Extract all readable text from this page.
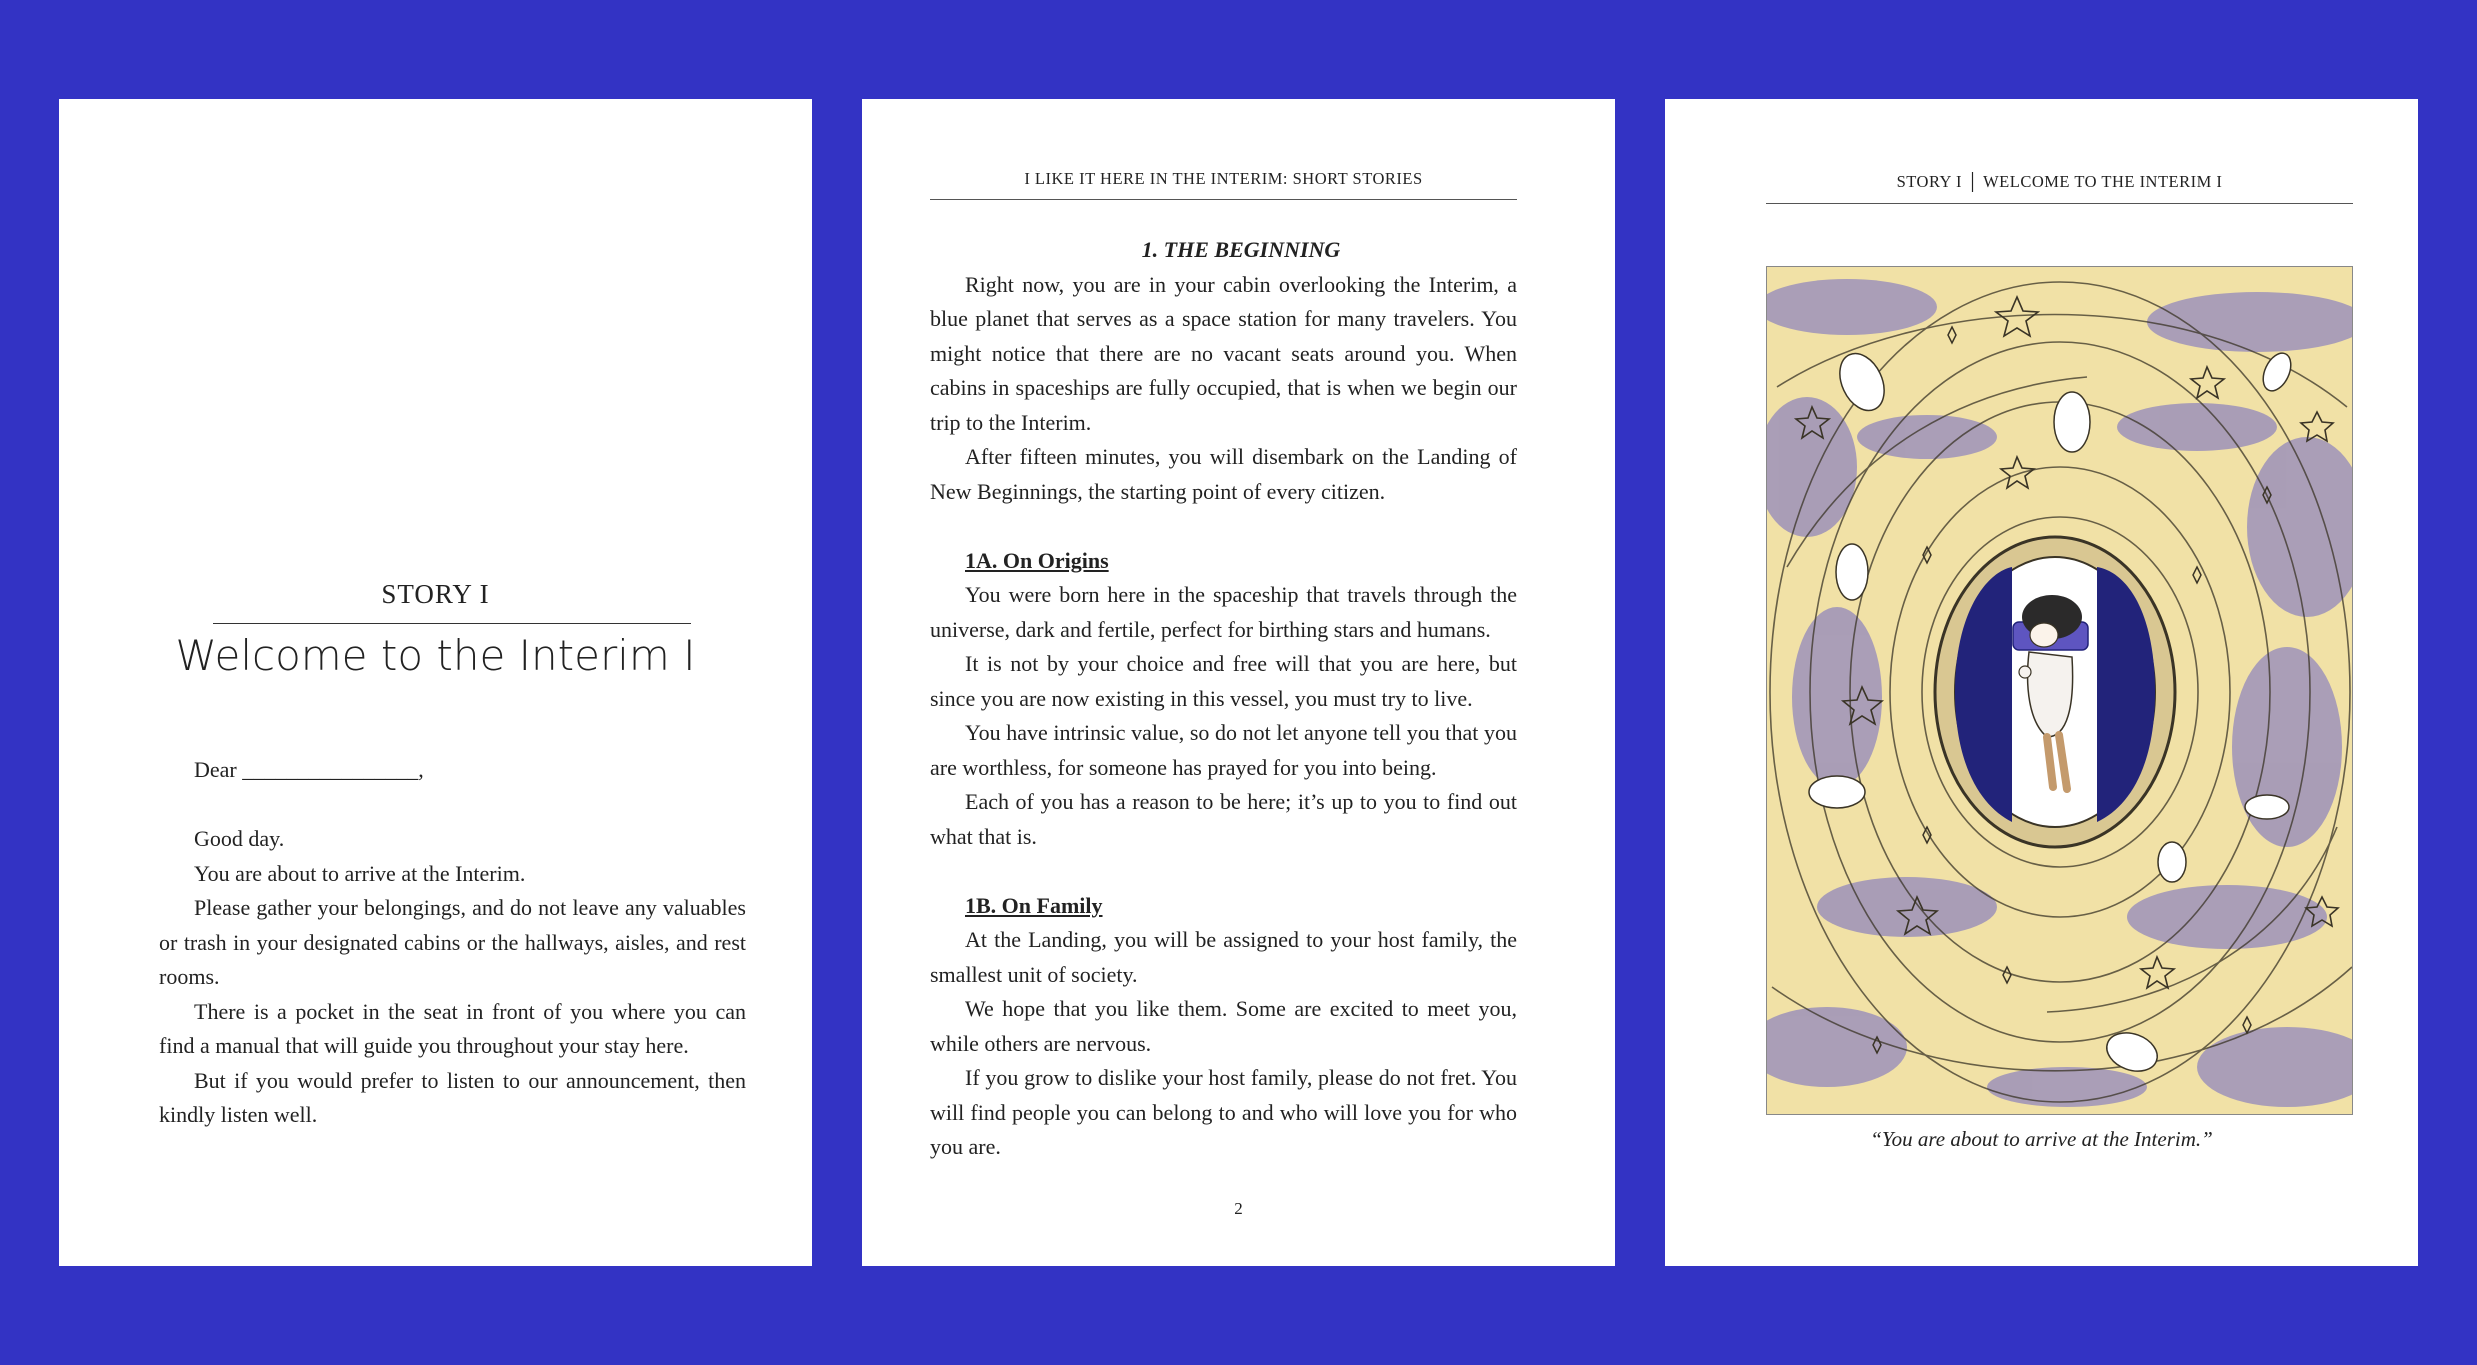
STORY I
Welcome to the Interim I

Dear ________________,

Good day.

You are about to arrive at the Interim.

Please gather your belongings, and do not leave any valuables or trash in your designated cabins or the hallways, aisles, and rest rooms.

There is a pocket in the seat in front of you where you can find a manual that will guide you throughout your stay here.

But if you would prefer to listen to our announcement, then kindly listen well.

I LIKE IT HERE IN THE INTERIM: SHORT STORIES

1. THE BEGINNING

Right now, you are in your cabin overlooking the Interim, a blue planet that serves as a space station for many travelers. You might notice that there are no vacant seats around you. When cabins in spaceships are fully occupied, that is when we begin our trip to the Interim.

After fifteen minutes, you will disembark on the Landing of New Beginnings, the starting point of every citizen.

1A. On Origins

You were born here in the spaceship that travels through the universe, dark and fertile, perfect for birthing stars and humans.

It is not by your choice and free will that you are here, but since you are now existing in this vessel, you must try to live.

You have intrinsic value, so do not let anyone tell you that you are worthless, for someone has prayed for you into being.

Each of you has a reason to be here; it’s up to you to find out what that is.

1B. On Family

At the Landing, you will be assigned to your host family, the smallest unit of society.

We hope that you like them. Some are excited to meet you, while others are nervous.

If you grow to dislike your host family, please do not fret. You will find people you can belong to and who will love you for who you are.

2
STORY I │ WELCOME TO THE INTERIM I
“You are about to arrive at the Interim.”
